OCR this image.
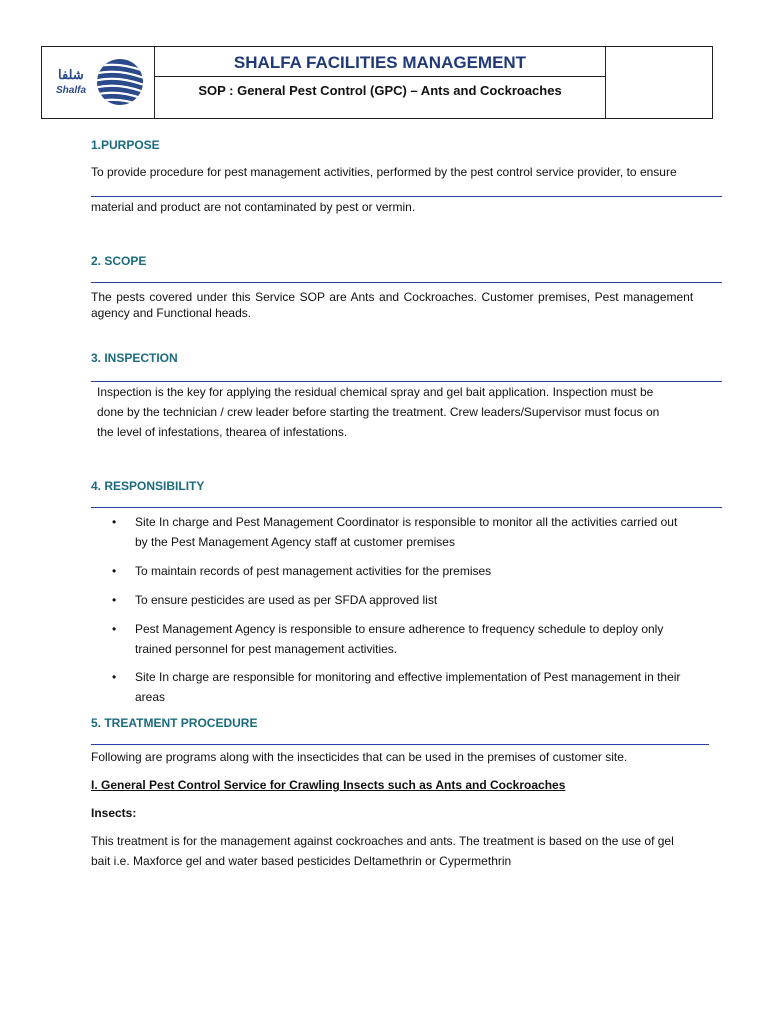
شلفا
Shalfa
SHALFA FACILITIES MANAGEMENT
SOP : General Pest Control (GPC) – Ants and Cockroaches
1.PURPOSE
To provide procedure for pest management activities, performed by the pest control service provider, to ensure
material and product are not contaminated by pest or vermin.
2. SCOPE
The pests covered under this Service SOP are Ants and Cockroaches. Customer premises, Pest management
agency and Functional heads.
3. INSPECTION
Inspection is the key for applying the residual chemical spray and gel bait application. Inspection must be
done by the technician / crew leader before starting the treatment. Crew leaders/Supervisor must focus on
the level of infestations, thearea of infestations.
4. RESPONSIBILITY
• Site In charge and Pest Management Coordinator is responsible to monitor all the activities carried out
by the Pest Management Agency staff at customer premises
• To maintain records of pest management activities for the premises
• To ensure pesticides are used as per SFDA approved list
• Pest Management Agency is responsible to ensure adherence to frequency schedule to deploy only
trained personnel for pest management activities.
• Site In charge are responsible for monitoring and effective implementation of Pest management in their
areas
5. TREATMENT PROCEDURE
Following are programs along with the insecticides that can be used in the premises of customer site.
I. General Pest Control Service for Crawling Insects such as Ants and Cockroaches
Insects:
This treatment is for the management against cockroaches and ants. The treatment is based on the use of gel
bait i.e. Maxforce gel and water based pesticides Deltamethrin or Cypermethrin
